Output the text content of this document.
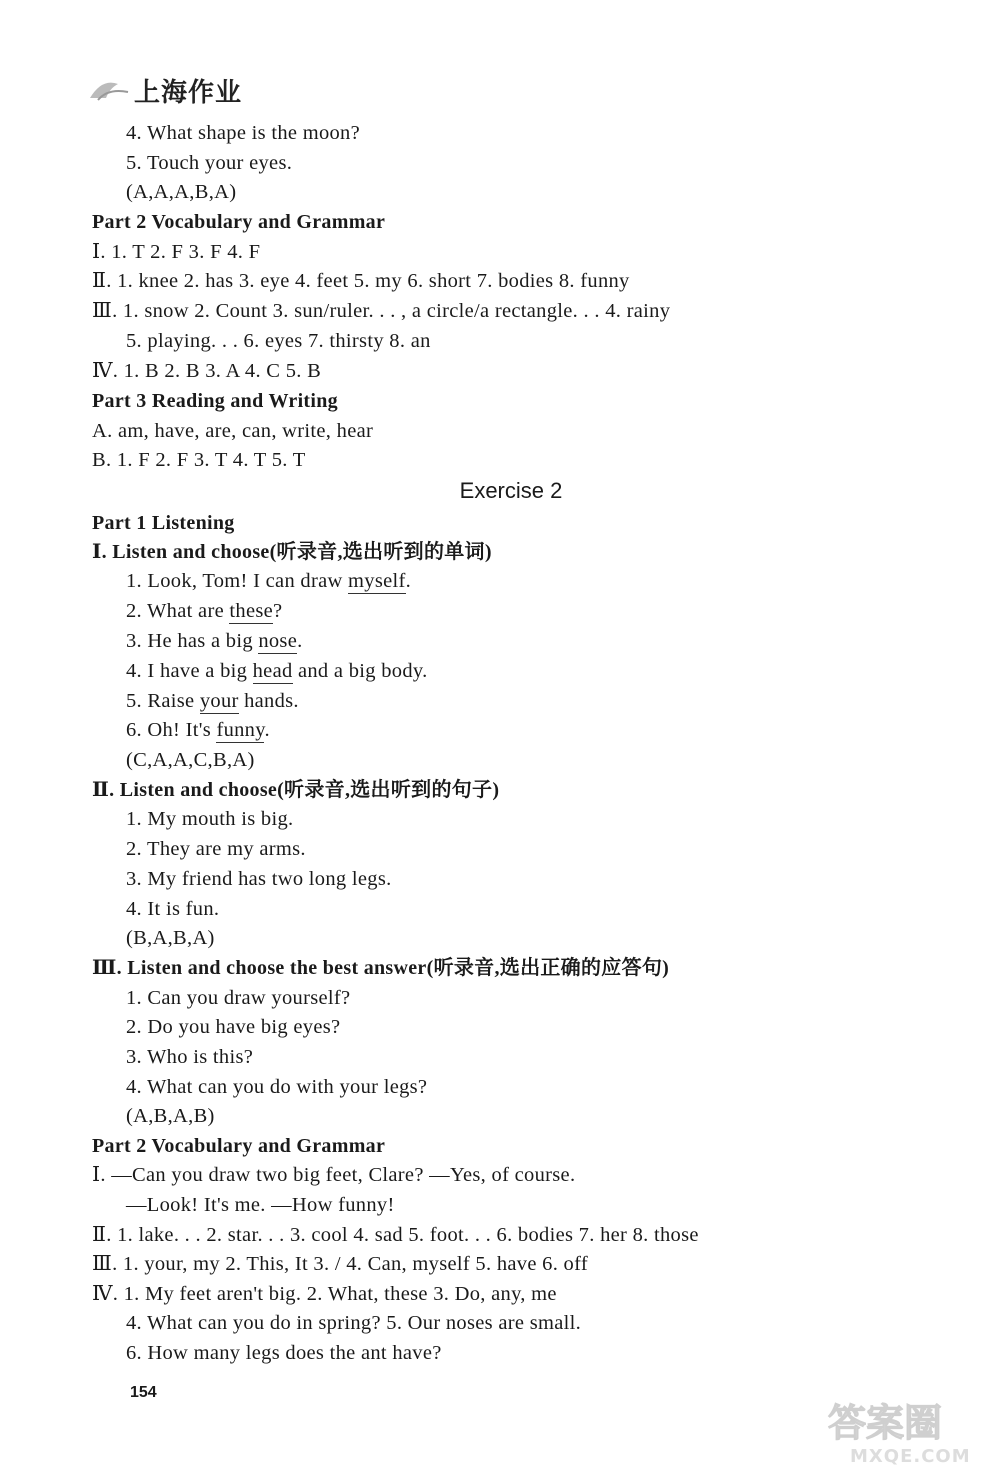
上海作业
4. What shape is the moon?
5. Touch your eyes.
(A,A,A,B,A)
Part 2 Vocabulary and Grammar
Ⅰ. 1. T 2. F 3. F 4. F
Ⅱ. 1. knee 2. has 3. eye 4. feet 5. my 6. short 7. bodies 8. funny
Ⅲ. 1. snow 2. Count 3. sun/ruler. . . , a circle/a rectangle. . . 4. rainy
5. playing. . . 6. eyes 7. thirsty 8. an
Ⅳ. 1. B 2. B 3. A 4. C 5. B
Part 3 Reading and Writing
A. am, have, are, can, write, hear
B. 1. F 2. F 3. T 4. T 5. T
Exercise 2
Part 1 Listening
Ⅰ. Listen and choose(听录音,选出听到的单词)
1. Look, Tom! I can draw myself.
2. What are these?
3. He has a big nose.
4. I have a big head and a big body.
5. Raise your hands.
6. Oh! It's funny.
(C,A,A,C,B,A)
Ⅱ. Listen and choose(听录音,选出听到的句子)
1. My mouth is big.
2. They are my arms.
3. My friend has two long legs.
4. It is fun.
(B,A,B,A)
Ⅲ. Listen and choose the best answer(听录音,选出正确的应答句)
1. Can you draw yourself?
2. Do you have big eyes?
3. Who is this?
4. What can you do with your legs?
(A,B,A,B)
Part 2 Vocabulary and Grammar
Ⅰ. —Can you draw two big feet, Clare? —Yes, of course.
—Look! It's me. —How funny!
Ⅱ. 1. lake. . . 2. star. . . 3. cool 4. sad 5. foot. . . 6. bodies 7. her 8. those
Ⅲ. 1. your, my 2. This, It 3. / 4. Can, myself 5. have 6. off
Ⅳ. 1. My feet aren't big. 2. What, these 3. Do, any, me
4. What can you do in spring? 5. Our noses are small.
6. How many legs does the ant have?
154
答案圈
MXQE.COM
